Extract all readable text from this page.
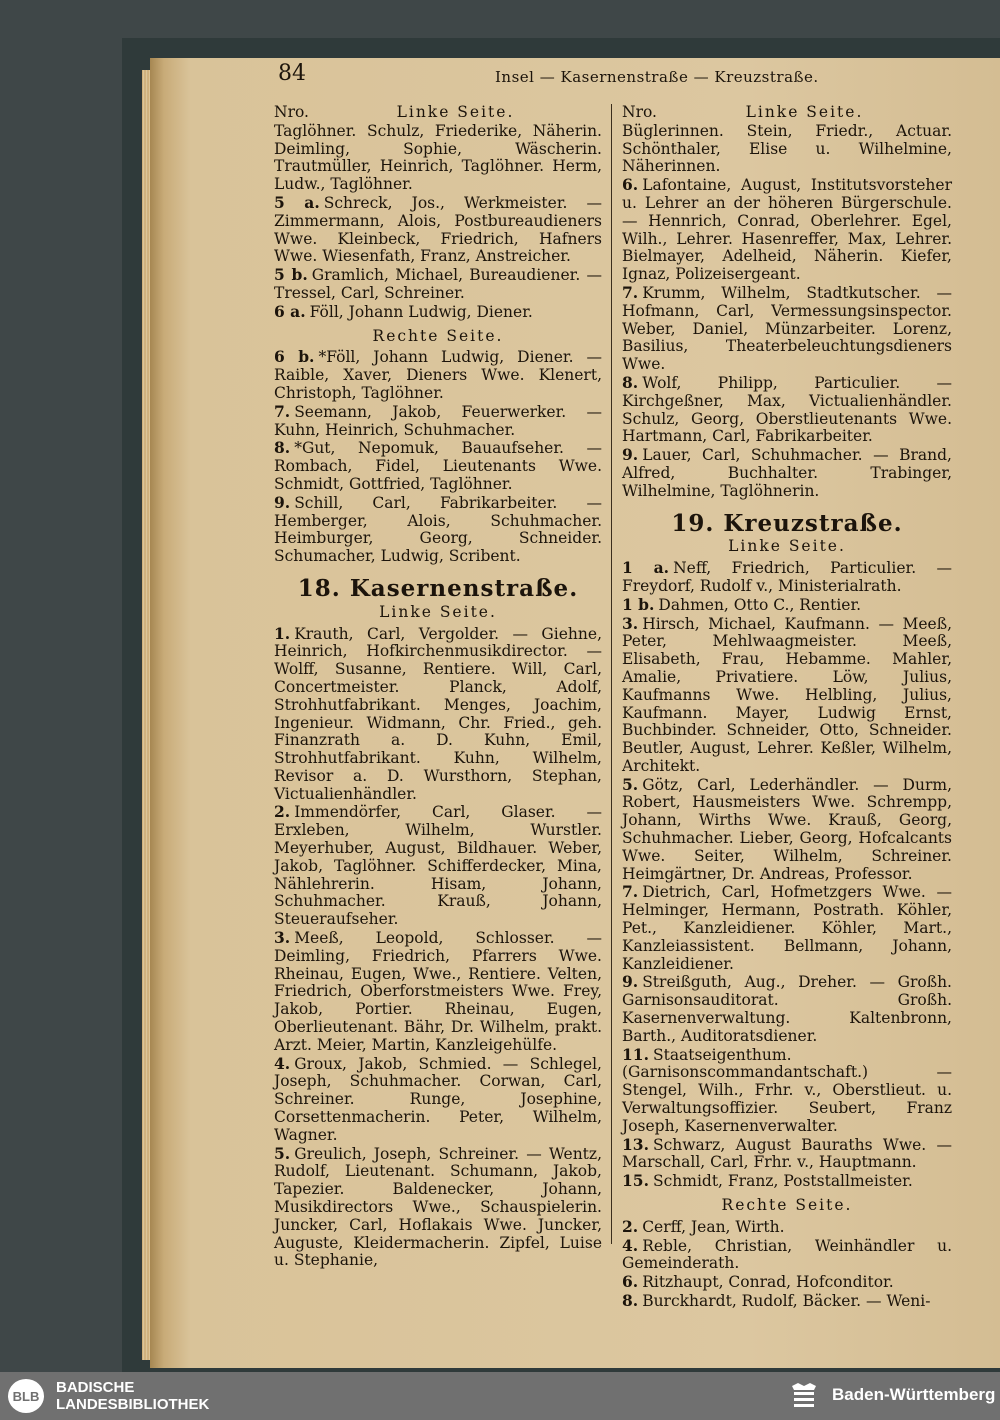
84	Insel — Kasernenstraße — Kreuzstraße.
Nro.	Linke Seite.

Taglöhner. Schulz, Friederike, Näherin. Deimling, Sophie, Wäscherin. Trautmüller, Heinrich, Taglöhner. Herm, Ludw., Taglöhner.

5 a. Schreck, Jos., Werkmeister. — Zimmermann, Alois, Postbureaudieners Wwe. Kleinbeck, Friedrich, Hafners Wwe. Wiesenfath, Franz, Anstreicher.

5 b. Gramlich, Michael, Bureaudiener. — Tressel, Carl, Schreiner.

6 a. Föll, Johann Ludwig, Diener.

Rechte Seite.

6 b. *Föll, Johann Ludwig, Diener. — Raible, Xaver, Dieners Wwe. Klenert, Christoph, Taglöhner.

7. Seemann, Jakob, Feuerwerker. — Kuhn, Heinrich, Schuhmacher.

8. *Gut, Nepomuk, Bauaufseher. — Rombach, Fidel, Lieutenants Wwe. Schmidt, Gottfried, Taglöhner.

9. Schill, Carl, Fabrikarbeiter. — Hemberger, Alois, Schuhmacher. Heimburger, Georg, Schneider. Schumacher, Ludwig, Scribent.

18. Kasernenstraße.
Linke Seite.

1. Krauth, Carl, Vergolder. — Giehne, Heinrich, Hofkirchenmusikdirector. — Wolff, Susanne, Rentiere. Will, Carl, Concertmeister. Planck, Adolf, Strohhutfabrikant. Menges, Joachim, Ingenieur. Widmann, Chr. Fried., geh. Finanzrath a. D. Kuhn, Emil, Strohhutfabrikant. Kuhn, Wilhelm, Revisor a. D. Wursthorn, Stephan, Victualienhändler.

2. Immendörfer, Carl, Glaser. — Erxleben, Wilhelm, Wurstler. Meyerhuber, August, Bildhauer. Weber, Jakob, Taglöhner. Schifferdecker, Mina, Nählehrerin. Hisam, Johann, Schuhmacher. Krauß, Johann, Steueraufseher.

3. Meeß, Leopold, Schlosser. — Deimling, Friedrich, Pfarrers Wwe. Rheinau, Eugen, Wwe., Rentiere. Velten, Friedrich, Oberforstmeisters Wwe. Frey, Jakob, Portier. Rheinau, Eugen, Oberlieutenant. Bähr, Dr. Wilhelm, prakt. Arzt. Meier, Martin, Kanzleigehülfe.

4. Groux, Jakob, Schmied. — Schlegel, Joseph, Schuhmacher. Corwan, Carl, Schreiner. Runge, Josephine, Corsettenmacherin. Peter, Wilhelm, Wagner.

5. Greulich, Joseph, Schreiner. — Wentz, Rudolf, Lieutenant. Schumann, Jakob, Tapezier. Baldenecker, Johann, Musikdirectors Wwe., Schauspielerin. Juncker, Carl, Hoflakais Wwe. Juncker, Auguste, Kleidermacherin. Zipfel, Luise u. Stephanie,

Nro.	Linke Seite.

Büglerinnen. Stein, Friedr., Actuar. Schönthaler, Elise u. Wilhelmine, Näherinnen.

6. Lafontaine, August, Institutsvorsteher u. Lehrer an der höheren Bürgerschule. — Hennrich, Conrad, Oberlehrer. Egel, Wilh., Lehrer. Hasenreffer, Max, Lehrer. Bielmayer, Adelheid, Näherin. Kiefer, Ignaz, Polizeisergeant.

7. Krumm, Wilhelm, Stadtkutscher. — Hofmann, Carl, Vermessungsinspector. Weber, Daniel, Münzarbeiter. Lorenz, Basilius, Theaterbeleuchtungsdieners Wwe.

8. Wolf, Philipp, Particulier. — Kirchgeßner, Max, Victualienhändler. Schulz, Georg, Oberstlieutenants Wwe. Hartmann, Carl, Fabrikarbeiter.

9. Lauer, Carl, Schuhmacher. — Brand, Alfred, Buchhalter. Trabinger, Wilhelmine, Taglöhnerin.

19. Kreuzstraße.
Linke Seite.

1 a. Neff, Friedrich, Particulier. — Freydorf, Rudolf v., Ministerialrath.

1 b. Dahmen, Otto C., Rentier.

3. Hirsch, Michael, Kaufmann. — Meeß, Peter, Mehlwaagmeister. Meeß, Elisabeth, Frau, Hebamme. Mahler, Amalie, Privatiere. Löw, Julius, Kaufmanns Wwe. Helbling, Julius, Kaufmann. Mayer, Ludwig Ernst, Buchbinder. Schneider, Otto, Schneider. Beutler, August, Lehrer. Keßler, Wilhelm, Architekt.

5. Götz, Carl, Lederhändler. — Durm, Robert, Hausmeisters Wwe. Schrempp, Johann, Wirths Wwe. Krauß, Georg, Schuhmacher. Lieber, Georg, Hofcalcants Wwe. Seiter, Wilhelm, Schreiner. Heimgärtner, Dr. Andreas, Professor.

7. Dietrich, Carl, Hofmetzgers Wwe. — Helminger, Hermann, Postrath. Köhler, Pet., Kanzleidiener. Köhler, Mart., Kanzleiassistent. Bellmann, Johann, Kanzleidiener.

9. Streißguth, Aug., Dreher. — Großh. Garnisonsauditorat. Großh. Kasernenverwaltung. Kaltenbronn, Barth., Auditoratsdiener.

11. Staatseigenthum. (Garnisonscommandantschaft.) — Stengel, Wilh., Frhr. v., Oberstlieut. u. Verwaltungsoffizier. Seubert, Franz Joseph, Kasernenverwalter.

13. Schwarz, August Bauraths Wwe. — Marschall, Carl, Frhr. v., Hauptmann.

15. Schmidt, Franz, Poststallmeister.

Rechte Seite.

2. Cerff, Jean, Wirth.

4. Reble, Christian, Weinhändler u. Gemeinderath.

6. Ritzhaupt, Conrad, Hofconditor.

8. Burckhardt, Rudolf, Bäcker. — Weni-

BLB	BADISCHE
LANDESBIBLIOTHEK
Baden-Württemberg
